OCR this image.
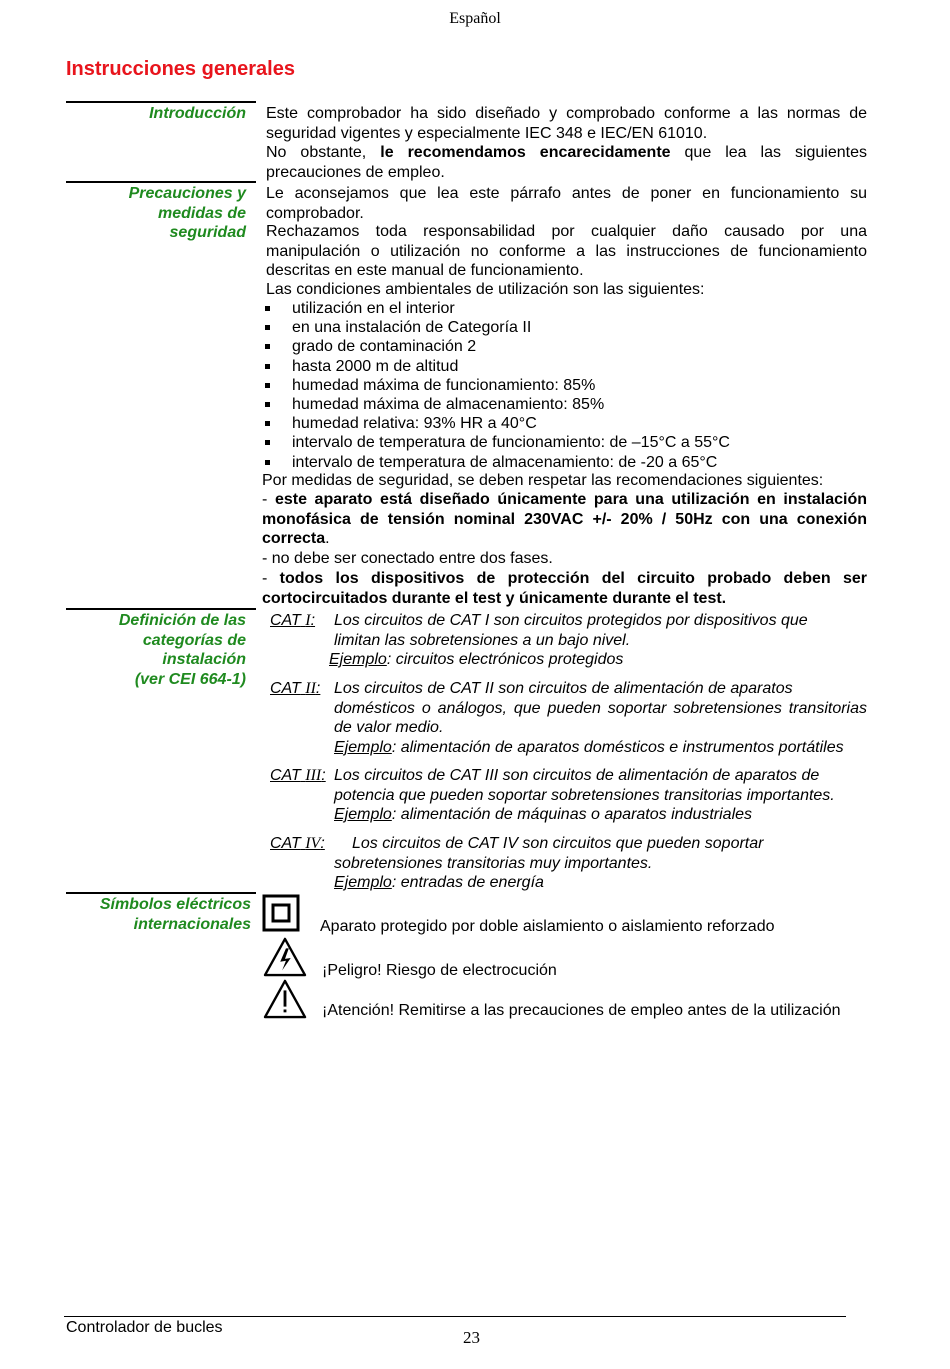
Español
Instrucciones generales
Introducción Este comprobador ha sido diseñado y comprobado conforme a las normas de seguridad vigentes y especialmente IEC 348 e IEC/EN 61010.
No obstante, le recomendamos encarecidamente que lea las siguientes precauciones de empleo.
Precauciones y
medidas de
seguridad
Le aconsejamos que lea este párrafo antes de poner en funcionamiento su comprobador.
Rechazamos toda responsabilidad por cualquier daño causado por una manipulación o utilización no conforme a las instrucciones de funcionamiento descritas en este manual de funcionamiento.
Las condiciones ambientales de utilización son las siguientes:
utilización en el interior
en una instalación de Categoría II
grado de contaminación 2
hasta 2000 m de altitud
humedad máxima de funcionamiento: 85%
humedad máxima de almacenamiento: 85%
humedad relativa: 93% HR a 40°C
intervalo de temperatura de funcionamiento: de –15°C a 55°C
intervalo de temperatura de almacenamiento: de -20 a 65°C
Por medidas de seguridad, se deben respetar las recomendaciones siguientes:
- este aparato está diseñado únicamente para una utilización en instalación monofásica de tensión nominal 230VAC +/- 20% / 50Hz con una conexión correcta.
- no debe ser conectado entre dos fases.
- todos los dispositivos de protección del circuito probado deben ser cortocircuitados durante el test y únicamente durante el test.
Definición de las
categorías de
instalación
(ver CEI 664-1)
CAT I:	Los circuitos de CAT I son circuitos protegidos por dispositivos que
limitan las sobretensiones a un bajo nivel.
Ejemplo: circuitos electrónicos protegidos
CAT II: Los circuitos de CAT II son circuitos de alimentación de aparatos
domésticos o análogos, que pueden soportar sobretensiones transitorias de valor medio.
Ejemplo: alimentación de aparatos domésticos e instrumentos portátiles
CAT III: Los circuitos de CAT III son circuitos de alimentación de aparatos de
potencia que pueden soportar sobretensiones transitorias importantes.
Ejemplo: alimentación de máquinas o aparatos industriales
CAT IV:	Los circuitos de CAT IV son circuitos que pueden soportar
sobretensiones transitorias muy importantes.
Ejemplo: entradas de energía
Símbolos eléctricos
internacionales	Aparato protegido por doble aislamiento o aislamiento reforzado
¡Peligro! Riesgo de electrocución
¡Atención! Remitirse a las precauciones de empleo antes de la utilización
Controlador de bucles
23
